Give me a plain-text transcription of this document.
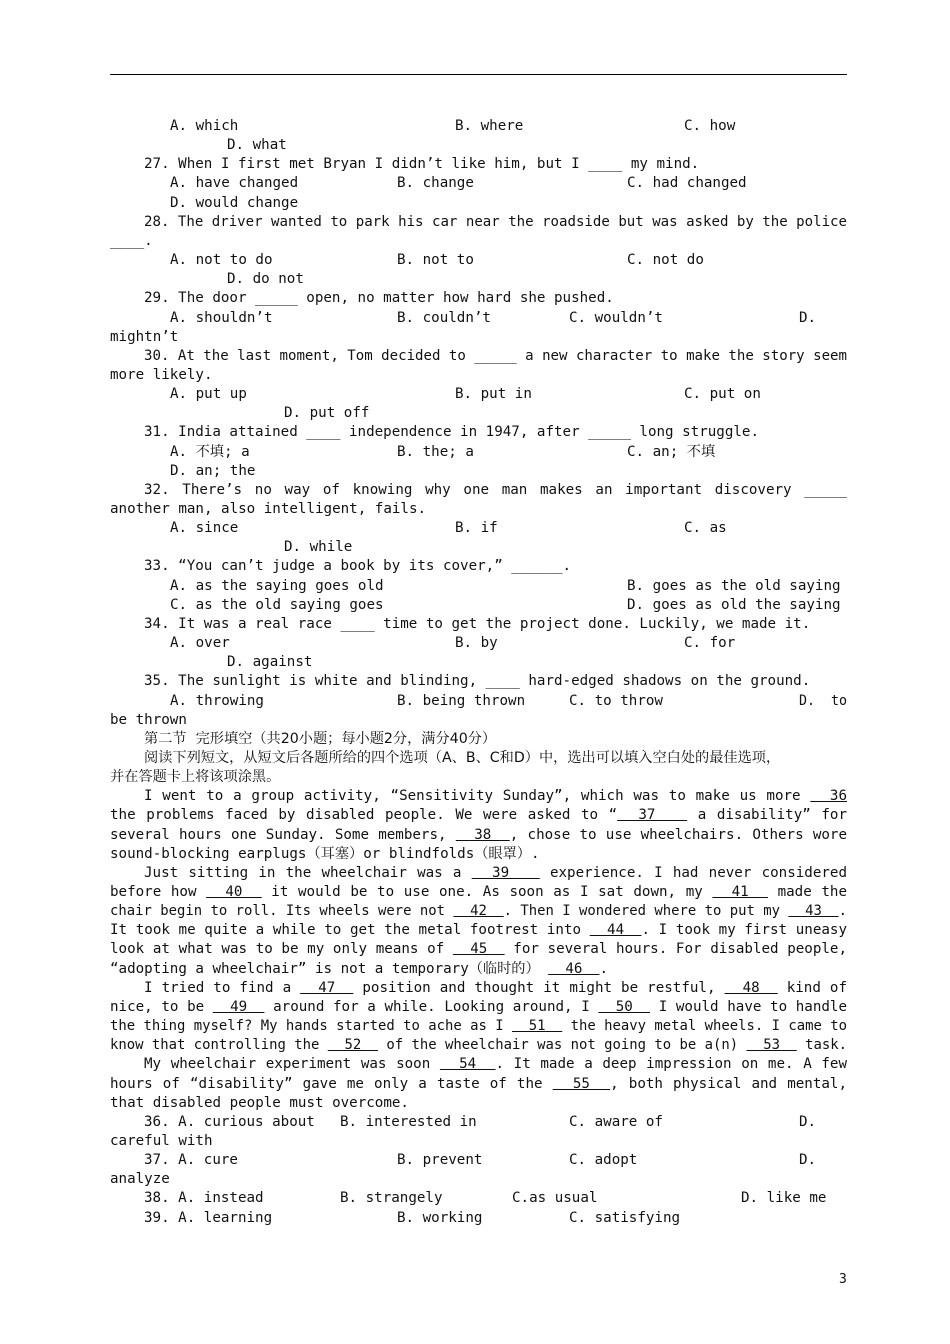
A. which	B. where	C. how
D. what
27. When I first met Bryan I didn’t like him, but I ____ my mind.
A. have changed	B. change	C. had changed
D. would change
28. The driver wanted to park his car near the roadside but was asked by the police
____.
A. not to do	B. not to	C. not do
D. do not
29. The door _____ open, no matter how hard she pushed.
A. shouldn’t	B. couldn’t	C. wouldn’t	D.
mightn’t
30. At the last moment, Tom decided to _____ a new character to make the story seem
more likely.
A. put up	B. put in	C. put on
D. put off
31. India attained ____ independence in 1947, after _____ long struggle.
A. 不填; a	B. the; a	C. an; 不填
D. an; the
32. There’s no way of knowing why one man makes an important discovery _____
another man, also intelligent, fails.
A. since	B. if	C. as
D. while
33. “You can’t judge a book by its cover,” ______.
A. as the saying goes old	B. goes as the old saying
C. as the old saying goes	D. goes as old the saying
34. It was a real race ____ time to get the project done. Luckily, we made it.
A. over	B. by	C. for
D. against
35. The sunlight is white and blinding, ____ hard-edged shadows on the ground.
A. throwing	B. being thrown	C. to throw	D.  to
be thrown
第二节  完形填空（共20小题；每小题2分，满分40分）
阅读下列短文，从短文后各题所给的四个选项（A、B、C和D）中，选出可以填入空白处的最佳选项，
并在答题卡上将该项涂黑。
I went to a group activity, “Sensitivity Sunday”, which was to make us more   36
the problems faced by disabled people. We were asked to “  37    a disability” for
several hours one Sunday. Some members,   38  , chose to use wheelchairs. Others wore
sound-blocking earplugs（耳塞）or blindfolds（眼罩）.
Just sitting in the wheelchair was a   39    experience. I had never considered
before how   40   it would be to use one. As soon as I sat down, my   41   made the
chair begin to roll. Its wheels were not   42  . Then I wondered where to put my   43  .
It took me quite a while to get the metal footrest into   44  . I took my first uneasy
look at what was to be my only means of   45   for several hours. For disabled people,
“adopting a wheelchair” is not a temporary（临时的）   46  .
I tried to find a   47   position and thought it might be restful,   48   kind of
nice, to be   49   around for a while. Looking around, I   50   I would have to handle
the thing myself? My hands started to ache as I   51   the heavy metal wheels. I came to
know that controlling the   52   of the wheelchair was not going to be a(n)   53   task.
My wheelchair experiment was soon   54  . It made a deep impression on me. A few
hours of “disability” gave me only a taste of the   55  , both physical and mental,
that disabled people must overcome.
36. A. curious about B. interested in	C. aware of	D.
careful with
37. A. cure	B. prevent	C. adopt	D.
analyze
38. A. instead	B. strangely	C.as usual	D. like me
39. A. learning	B. working	C. satisfying
3
